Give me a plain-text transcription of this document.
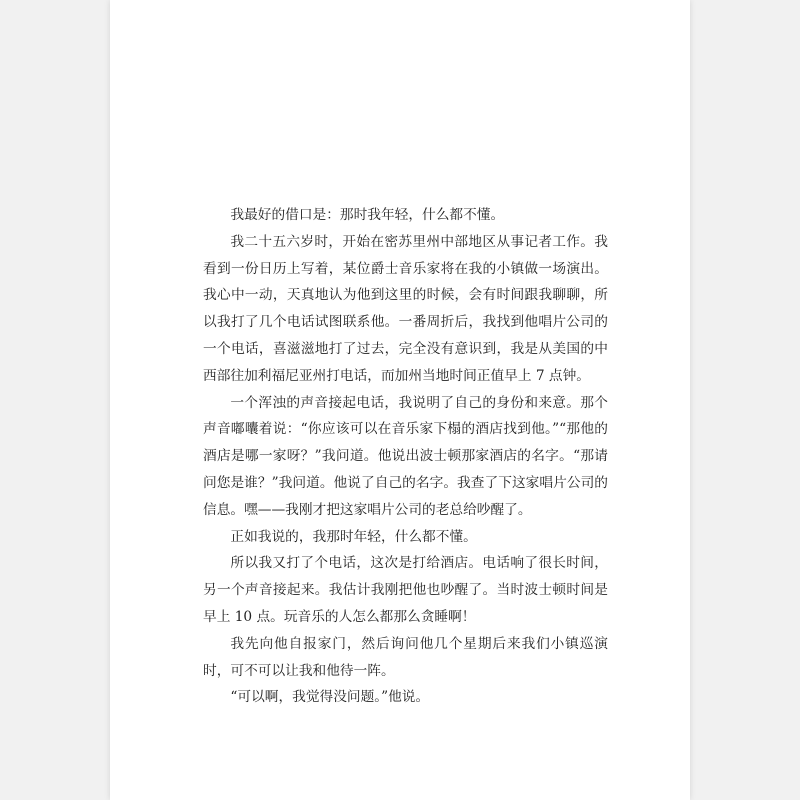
我最好的借口是：那时我年轻，什么都不懂。

我二十五六岁时，开始在密苏里州中部地区从事记者工作。我看到一份日历上写着，某位爵士音乐家将在我的小镇做一场演出。我心中一动，天真地认为他到这里的时候，会有时间跟我聊聊，所以我打了几个电话试图联系他。一番周折后，我找到他唱片公司的一个电话，喜滋滋地打了过去，完全没有意识到，我是从美国的中西部往加利福尼亚州打电话，而加州当地时间正值早上 7 点钟。

一个浑浊的声音接起电话，我说明了自己的身份和来意。那个声音嘟囔着说：“你应该可以在音乐家下榻的酒店找到他。”“那他的酒店是哪一家呀？”我问道。他说出波士顿那家酒店的名字。“那请问您是谁？”我问道。他说了自己的名字。我查了下这家唱片公司的信息。嘿——我刚才把这家唱片公司的老总给吵醒了。

正如我说的，我那时年轻，什么都不懂。

所以我又打了个电话，这次是打给酒店。电话响了很长时间，另一个声音接起来。我估计我刚把他也吵醒了。当时波士顿时间是早上 10 点。玩音乐的人怎么都那么贪睡啊！

我先向他自报家门，然后询问他几个星期后来我们小镇巡演时，可不可以让我和他待一阵。

“可以啊，我觉得没问题。”他说。
